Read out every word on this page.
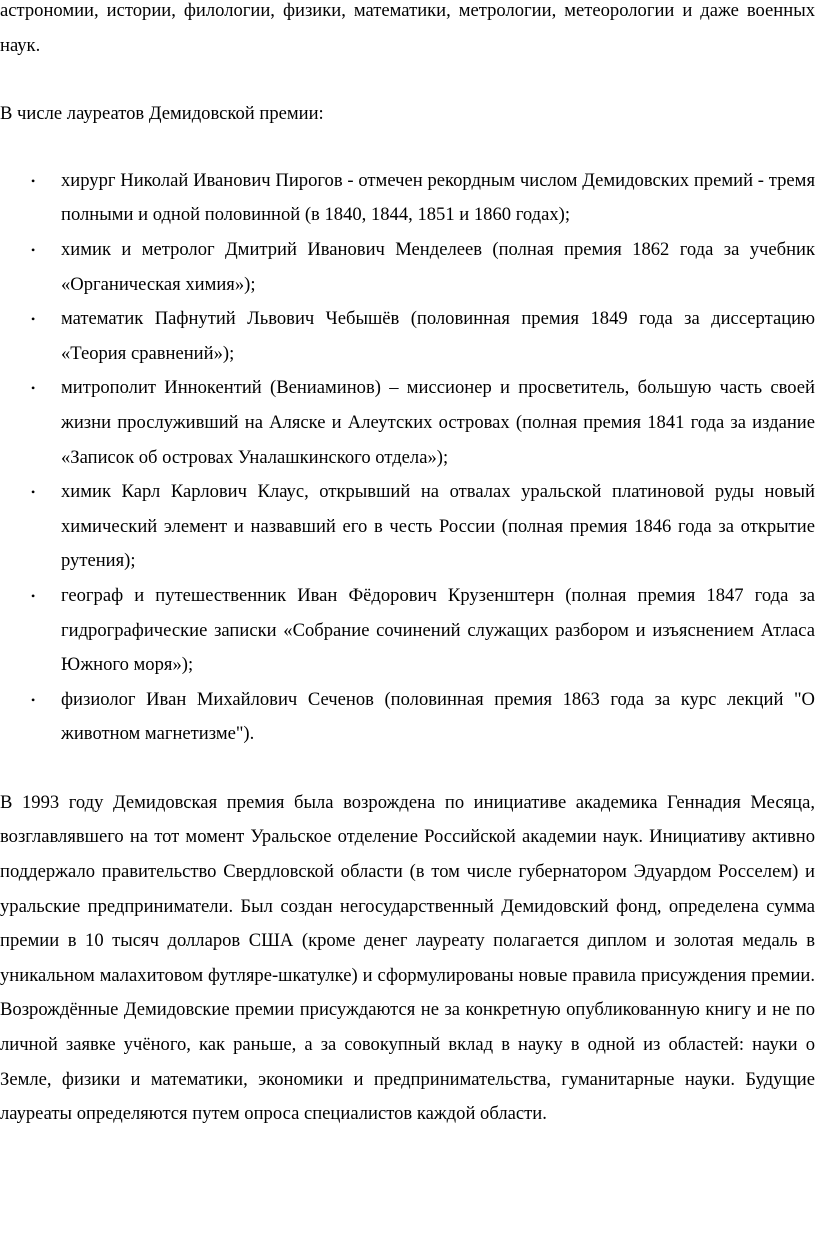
астрономии, истории, филологии, физики, математики, метрологии, метеорологии и даже военных наук.

В числе лауреатов Демидовской премии:

• хирург Николай Иванович Пирогов - отмечен рекордным числом Демидовских премий - тремя полными и одной половинной (в 1840, 1844, 1851 и 1860 годах);
• химик и метролог Дмитрий Иванович Менделеев (полная премия 1862 года за учебник «Органическая химия»);
• математик Пафнутий Львович Чебышёв (половинная премия 1849 года за диссертацию «Теория сравнений»);
• митрополит Иннокентий (Вениаминов) – миссионер и просветитель, большую часть своей жизни прослуживший на Аляске и Алеутских островах (полная премия 1841 года за издание «Записок об островах Уналашкинского отдела»);
• химик Карл Карлович Клаус, открывший на отвалах уральской платиновой руды новый химический элемент и назвавший его в честь России (полная премия 1846 года за открытие рутения);
• географ и путешественник Иван Фёдорович Крузенштерн (полная премия 1847 года за гидрографические записки «Собрание сочинений служащих разбором и изъяснением Атласа Южного моря»);
• физиолог Иван Михайлович Сеченов (половинная премия 1863 года за курс лекций "О животном магнетизме").

В 1993 году Демидовская премия была возрождена по инициативе академика Геннадия Месяца, возглавлявшего на тот момент Уральское отделение Российской академии наук. Инициативу активно поддержало правительство Свердловской области (в том числе губернатором Эдуардом Росселем) и уральские предприниматели. Был создан негосударственный Демидовский фонд, определена сумма премии в 10 тысяч долларов США (кроме денег лауреату полагается диплом и золотая медаль в уникальном малахитовом футляре-шкатулке) и сформулированы новые правила присуждения премии. Возрождённые Демидовские премии присуждаются не за конкретную опубликованную книгу и не по личной заявке учёного, как раньше, а за совокупный вклад в науку в одной из областей: науки о Земле, физики и математики, экономики и предпринимательства, гуманитарные науки. Будущие лауреаты определяются путем опроса специалистов каждой области.
